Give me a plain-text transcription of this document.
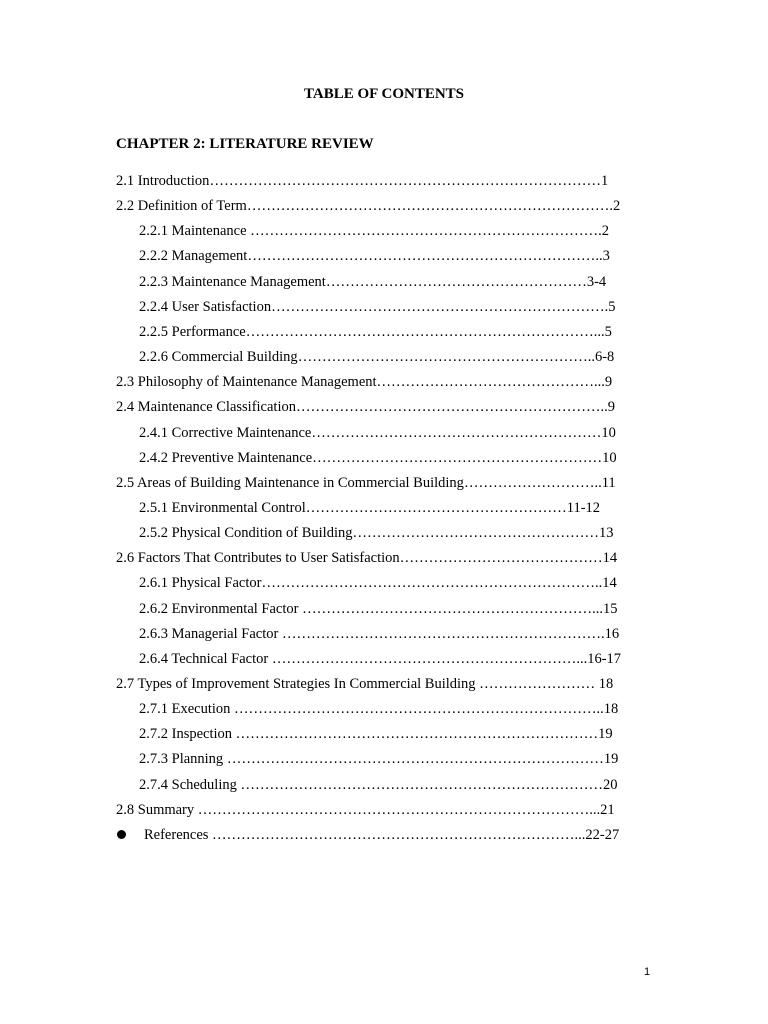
TABLE OF CONTENTS
CHAPTER 2: LITERATURE REVIEW
2.1 Introduction………………………………………………………………………1
2.2 Definition of Term………………………………………………………………….2
2.2.1 Maintenance ……………………………………………………………….2
2.2.2 Management………………………………………………………………..3
2.2.3 Maintenance Management………………………………………………3-4
2.2.4 User Satisfaction…………………………………………………………….5
2.2.5 Performance………………………………………………………………...5
2.2.6 Commercial Building……………………………………………………..6-8
2.3 Philosophy of Maintenance Management………………………………………...9
2.4 Maintenance Classification………………………………………………………..9
2.4.1 Corrective Maintenance……………………………………………………10
2.4.2 Preventive Maintenance……………………………………………………10
2.5 Areas of Building Maintenance in Commercial Building………………………..11
2.5.1 Environmental Control………………………………………………11-12
2.5.2 Physical Condition of Building……………………………………………13
2.6 Factors That Contributes to User Satisfaction……………………………………14
2.6.1 Physical Factor……………………………………………………………..14
2.6.2 Environmental Factor ……………………………………………………...15
2.6.3 Managerial Factor ………………………………………………………….16
2.6.4 Technical Factor ………………………………………………………...16-17
2.7 Types of Improvement Strategies In Commercial Building …………………… 18
2.7.1 Execution …………………………………………………………………..18
2.7.2 Inspection …………………………………………………………………19
2.7.3 Planning ……………………………………………………………………19
2.7.4 Scheduling …………………………………………………………………20
2.8 Summary ………………………………………………………………………...21
References …………………………………………………………………...22-27
1
